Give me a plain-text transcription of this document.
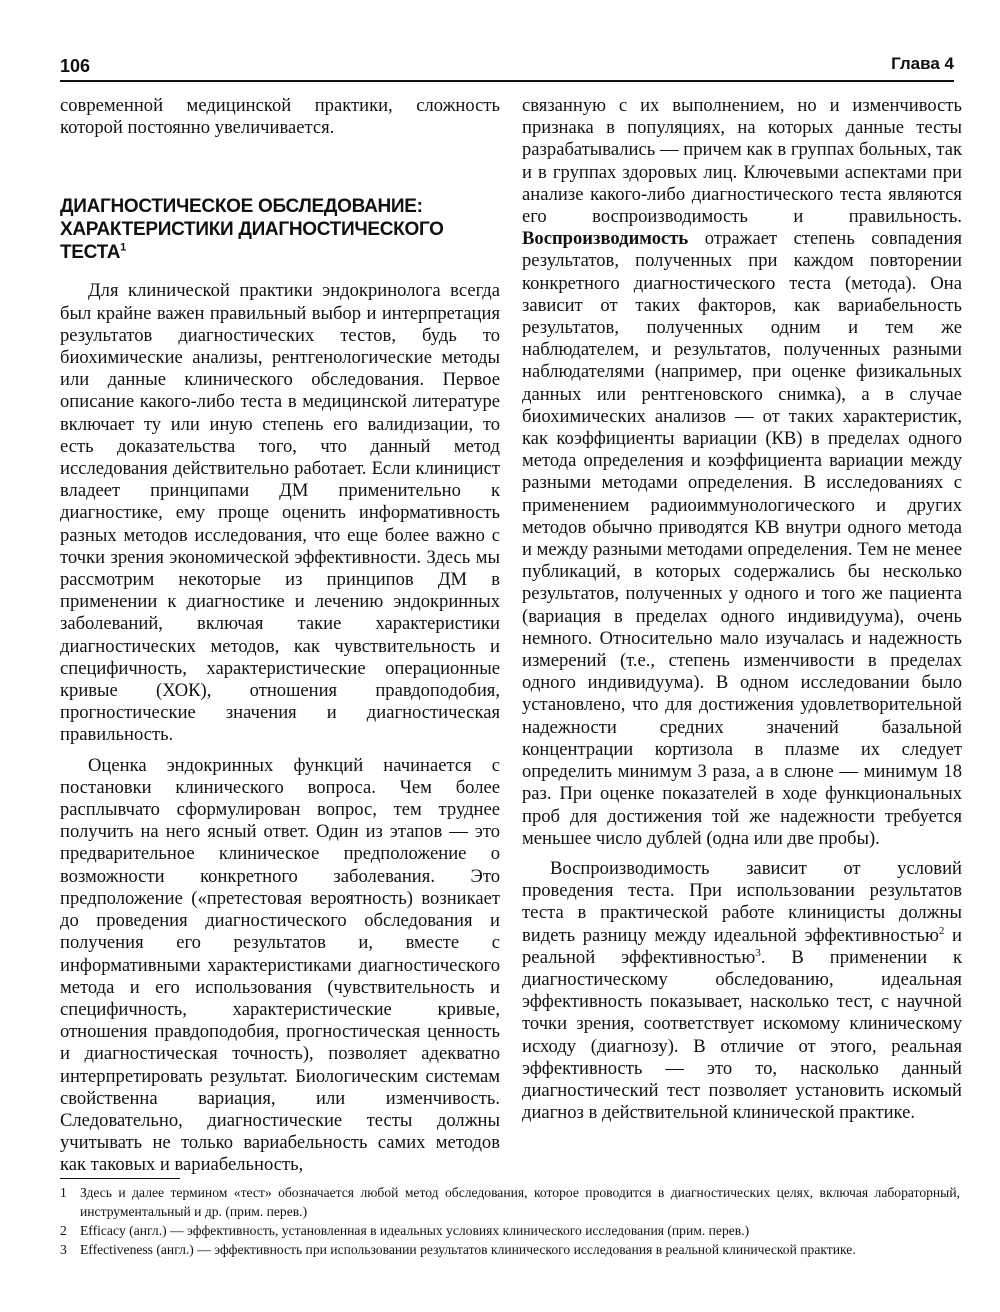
106	Глава 4

современной медицинской практики, сложность которой постоянно увеличивается.

ДИАГНОСТИЧЕСКОЕ ОБСЛЕДОВАНИЕ: ХАРАКТЕРИСТИКИ ДИАГНОСТИЧЕСКОГО ТЕСТА$^1$

Для клинической практики эндокринолога всегда был крайне важен правильный выбор и интерпретация результатов диагностических тестов, будь то биохимические анализы, рентгенологические методы или данные клинического обследования. Первое описание какого-либо теста в медицинской литературе включает ту или иную степень его валидизации, то есть доказательства того, что данный метод исследования действительно работает. Если клиницист владеет принципами ДМ применительно к диагностике, ему проще оценить информативность разных методов исследования, что еще более важно с точки зрения экономической эффективности. Здесь мы рассмотрим некоторые из принципов ДМ в применении к диагностике и лечению эндокринных заболеваний, включая такие характеристики диагностических методов, как чувствительность и специфичность, характеристические операционные кривые (ХОК), отношения правдоподобия, прогностические значения и диагностическая правильность.

Оценка эндокринных функций начинается с постановки клинического вопроса. Чем более расплывчато сформулирован вопрос, тем труднее получить на него ясный ответ. Один из этапов — это предварительное клиническое предположение о возможности конкретного заболевания. Это предположение («претестовая вероятность) возникает до проведения диагностического обследования и получения его результатов и, вместе с информативными характеристиками диагностического метода и его использования (чувствительность и специфичность, характеристические кривые, отношения правдоподобия, прогностическая ценность и диагностическая точность), позволяет адекватно интерпретировать результат. Биологическим системам свойственна вариация, или изменчивость. Следовательно, диагностические тесты должны учитывать не только вариабельность самих методов как таковых и вариабельность,

связанную с их выполнением, но и изменчивость признака в популяциях, на которых данные тесты разрабатывались — причем как в группах больных, так и в группах здоровых лиц. Ключевыми аспектами при анализе какого-либо диагностического теста являются его воспроизводимость и правильность. Воспроизводимость отражает степень совпадения результатов, полученных при каждом повторении конкретного диагностического теста (метода). Она зависит от таких факторов, как вариабельность результатов, полученных одним и тем же наблюдателем, и результатов, полученных разными наблюдателями (например, при оценке физикальных данных или рентгеновского снимка), а в случае биохимических анализов — от таких характеристик, как коэффициенты вариации (КВ) в пределах одного метода определения и коэффициента вариации между разными методами определения. В исследованиях с применением радиоиммунологического и других методов обычно приводятся КВ внутри одного метода и между разными методами определения. Тем не менее публикаций, в которых содержались бы несколько результатов, полученных у одного и того же пациента (вариация в пределах одного индивидуума), очень немного. Относительно мало изучалась и надежность измерений (т.е., степень изменчивости в пределах одного индивидуума). В одном исследовании было установлено, что для достижения удовлетворительной надежности средних значений базальной концентрации кортизола в плазме их следует определить минимум 3 раза, а в слюне — минимум 18 раз. При оценке показателей в ходе функциональных проб для достижения той же надежности требуется меньшее число дублей (одна или две пробы).

Воспроизводимость зависит от условий проведения теста. При использовании результатов теста в практической работе клиницисты должны видеть разницу между идеальной эффективностью$^2$ и реальной эффективностью$^3$. В применении к диагностическому обследованию, идеальная эффективность показывает, насколько тест, с научной точки зрения, соответствует искомому клиническому исходу (диагнозу). В отличие от этого, реальная эффективность — это то, насколько данный диагностический тест позволяет установить искомый диагноз в действительной клинической практике.

1 Здесь и далее термином «тест» обозначается любой метод обследования, которое проводится в диагностических целях, включая лабораторный, инструментальный и др. (прим. перев.)
2 Efficacy (англ.) — эффективность, установленная в идеальных условиях клинического исследования (прим. перев.)
3 Effectiveness (англ.) — эффективность при использовании результатов клинического исследования в реальной клинической практике.
